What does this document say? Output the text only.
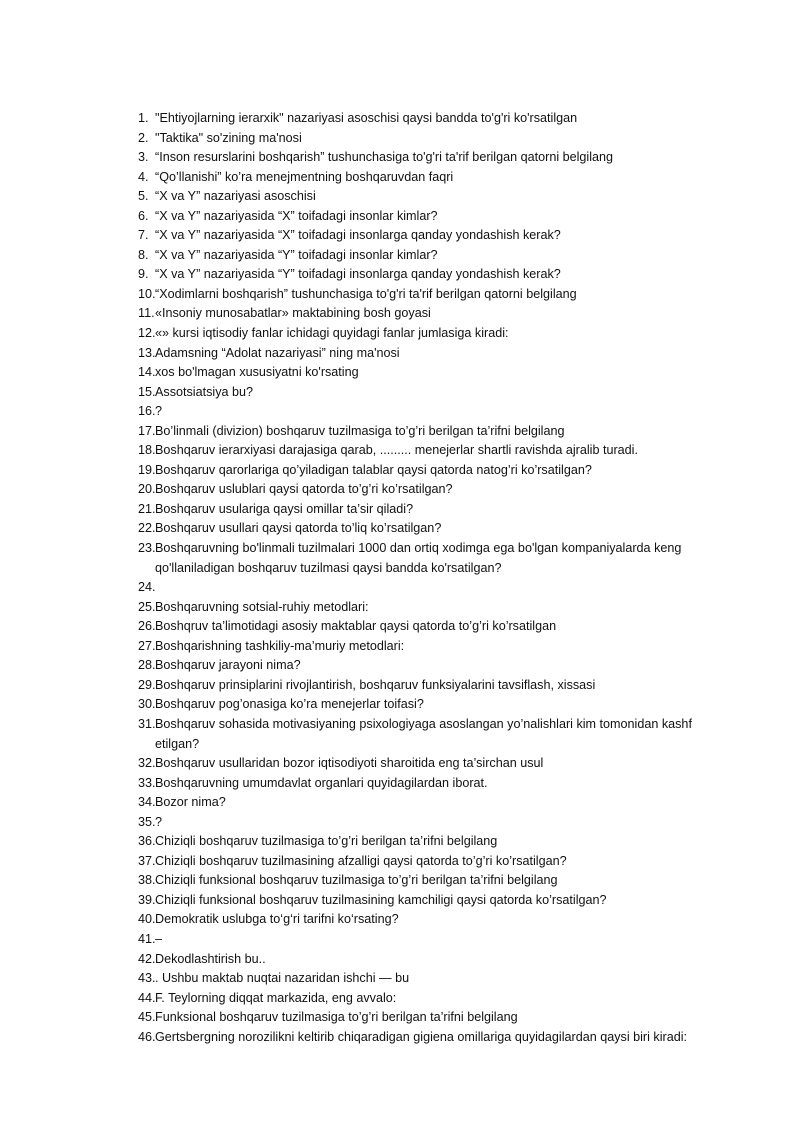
1. "Ehtiyojlarning ierarxik" nazariyasi asoschisi qaysi bandda to'g'ri ko'rsatilgan
2. "Taktika" so'zining ma'nosi
3. “Inson resurslarini boshqarish” tushunchasiga to'g'ri ta'rif berilgan qatorni belgilang
4. “Qo’llanishi” ko’ra menejmentning boshqaruvdan faqri
5. “X va Y” nazariyasi asoschisi
6. “X va Y” nazariyasida “X” toifadagi insonlar kimlar?
7. “X va Y” nazariyasida “X” toifadagi insonlarga qanday yondashish kerak?
8. “X va Y” nazariyasida “Y” toifadagi insonlar kimlar?
9. “X va Y” nazariyasida “Y” toifadagi insonlarga qanday yondashish kerak?
10. “Xodimlarni boshqarish” tushunchasiga to'g'ri ta'rif berilgan qatorni belgilang
11. «Insoniy munosabatlar» maktabining bosh goyasi
12. «» kursi iqtisodiy fanlar ichidagi quyidagi fanlar jumlasiga kiradi:
13. Adamsning “Adolat nazariyasi” ning ma'nosi
14. xos bo'lmagan xususiyatni ko'rsating
15. Assotsiatsiya bu?
16. ?
17. Bo’linmali (divizion) boshqaruv tuzilmasiga to’g’ri berilgan ta’rifni belgilang
18. Boshqaruv ierarxiyasi darajasiga qarab, ......... menejerlar shartli ravishda ajralib turadi.
19. Boshqaruv qarorlariga qo’yiladigan talablar qaysi qatorda natog’ri ko’rsatilgan?
20. Boshqaruv uslublari qaysi qatorda to’g’ri ko’rsatilgan?
21. Boshqaruv usulariga qaysi omillar ta’sir qiladi?
22. Boshqaruv usullari qaysi qatorda to’liq ko’rsatilgan?
23. Boshqaruvning bo'linmali tuzilmalari 1000 dan ortiq xodimga ega bo'lgan kompaniyalarda keng qo'llaniladigan boshqaruv tuzilmasi qaysi bandda ko'rsatilgan?
24.
25. Boshqaruvning sotsial-ruhiy metodlari:
26. Boshqruv ta’limotidagi asosiy maktablar qaysi qatorda to’g’ri ko’rsatilgan
27. Boshqarishning tashkiliy-ma’muriy metodlari:
28. Boshqaruv jarayoni nima?
29. Boshqaruv prinsiplarini rivojlantirish, boshqaruv funksiyalarini tavsiflash, xissasi
30. Boshqaruv pog’onasiga ko’ra menejerlar toifasi?
31. Boshqaruv sohasida motivasiyaning psixologiyaga asoslangan yo’nalishlari kim tomonidan kashf etilgan?
32. Boshqaruv usullaridan bozor iqtisodiyoti sharoitida eng ta’sirchan usul
33. Boshqaruvning umumdavlat organlari quyidagilardan iborat.
34. Bozor nima?
35. ?
36. Chiziqli boshqaruv tuzilmasiga to’g’ri berilgan ta’rifni belgilang
37. Chiziqli boshqaruv tuzilmasining afzalligi qaysi qatorda to’g’ri ko’rsatilgan?
38. Chiziqli funksional boshqaruv tuzilmasiga to’g’ri berilgan ta’rifni belgilang
39. Chiziqli funksional boshqaruv tuzilmasining kamchiligi qaysi qatorda ko’rsatilgan?
40. Demokratik uslubga to‘g‘ri tarifni ko‘rsating?
41. –
42. Dekodlashtirish bu..
43. . Ushbu maktab nuqtai nazaridan ishchi — bu
44. F. Teylorning diqqat markazida, eng avvalo:
45. Funksional boshqaruv tuzilmasiga to’g’ri berilgan ta’rifni belgilang
46. Gertsbergning norozilikni keltirib chiqaradigan gigiena omillariga quyidagilardan qaysi biri kiradi:
